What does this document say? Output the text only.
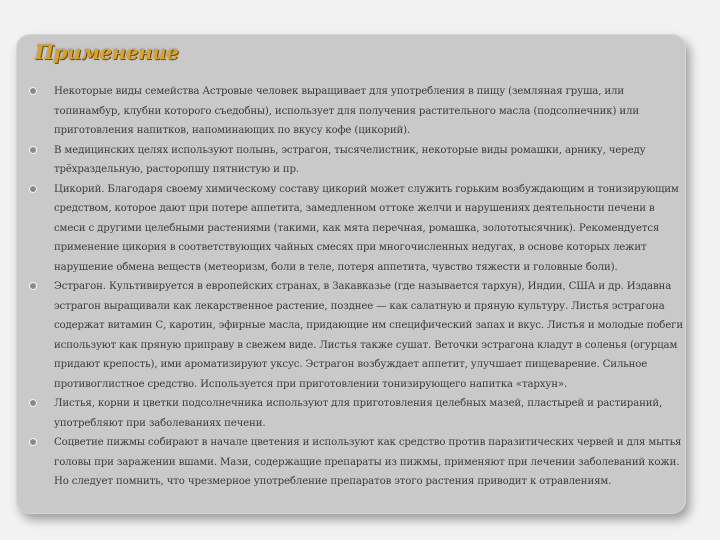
Применение
Некоторые виды семейства Астровые человек выращивает для употребления в пищу (земляная груша, или топинамбур, клубни которого съедобны), использует для получения растительного масла (подсолнечник) или приготовления напитков, напоминающих по вкусу кофе (цикорий).
В медицинских целях используют полынь, эстрагон, тысячелистник, некоторые виды ромашки, арнику, череду трёхраздельную, расторопшу пятнистую и пр.
Цикорий. Благодаря своему химическому составу цикорий может служить горьким возбуждающим и тонизирующим средством, которое дают при потере аппетита, замедленном оттоке желчи и нарушениях деятельности печени в смеси с другими целебными растениями (такими, как мята перечная, ромашка, золототысячник). Рекомендуется применение цикория в соответствующих чайных смесях при многочисленных недугах, в основе которых лежит нарушение обмена веществ (метеоризм, боли в теле, потеря аппетита, чувство тяжести и головные боли).
Эстрагон. Культивируется в европейских странах, в Закавказье (где называется тархун), Индии, США и др. Издавна эстрагон выращивали как лекарственное растение, позднее — как салатную и пряную культуру. Листья эстрагона содержат витамин С, каротин, эфирные масла, придающие им специфический запах и вкус. Листья и молодые побеги используют как пряную приправу в свежем виде. Листья также сушат. Веточки эстрагона кладут в соленья (огурцам придают крепость), ими ароматизируют уксус. Эстрагон возбуждает аппетит, улучшает пищеварение. Сильное противоглистное средство. Используется при приготовлении тонизирующего напитка «тархун».
Листья, корни и цветки подсолнечника используют для приготовления целебных мазей, пластырей и растираний, употребляют при заболеваниях печени.
Соцветие пижмы собирают в начале цветения и используют как средство против паразитических червей и для мытья головы при заражении вшами. Мази, содержащие препараты из пижмы, применяют при лечении заболеваний кожи. Но следует помнить, что чрезмерное употребление препаратов этого растения приводит к отравлениям.
